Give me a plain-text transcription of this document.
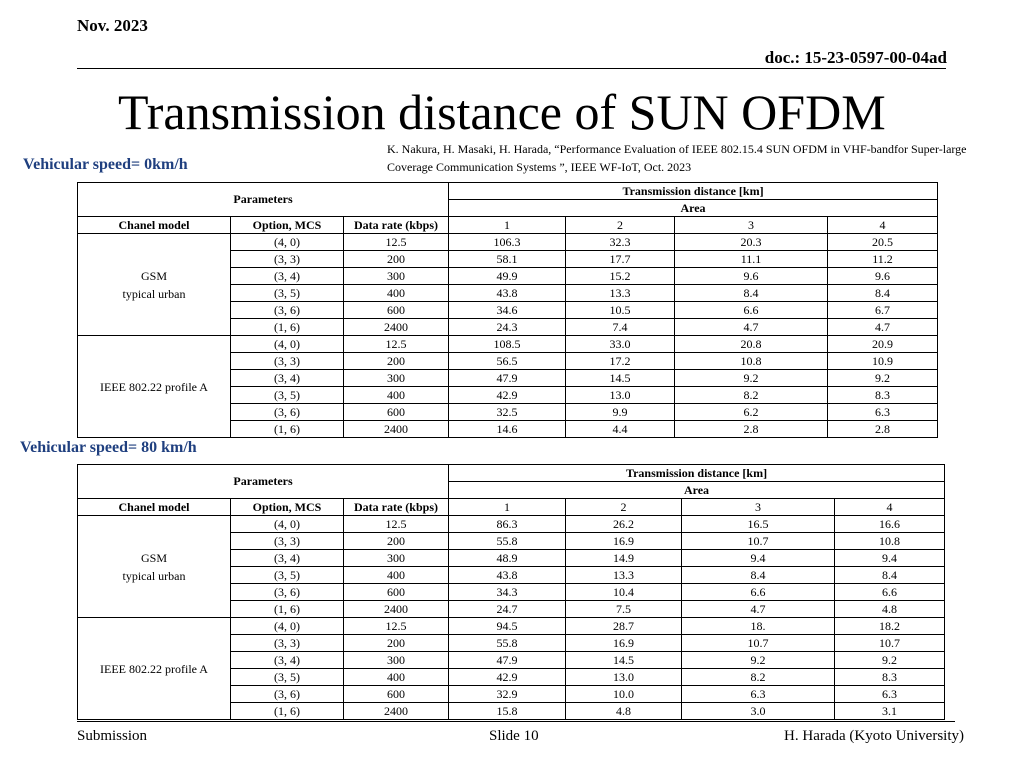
Nov. 2023
doc.: 15-23-0597-00-04ad
Transmission distance of SUN OFDM
K. Nakura, H. Masaki, H. Harada, “Performance Evaluation of IEEE 802.15.4 SUN OFDM in VHF-bandfor Super-large Coverage Communication Systems ”, IEEE WF-IoT, Oct. 2023
Vehicular speed= 0km/h
Parameters			Transmission distance [km]			
			Area			
Chanel model	Option, MCS	Data rate (kbps)	1	2	3	4
GSM
typical urban	(4, 0)	12.5	106.3	32.3	20.3	20.5
	(3, 3)	200	58.1	17.7	11.1	11.2
	(3, 4)	300	49.9	15.2	9.6	9.6
	(3, 5)	400	43.8	13.3	8.4	8.4
	(3, 6)	600	34.6	10.5	6.6	6.7
	(1, 6)	2400	24.3	7.4	4.7	4.7
IEEE 802.22 profile A	(4, 0)	12.5	108.5	33.0	20.8	20.9
	(3, 3)	200	56.5	17.2	10.8	10.9
	(3, 4)	300	47.9	14.5	9.2	9.2
	(3, 5)	400	42.9	13.0	8.2	8.3
	(3, 6)	600	32.5	9.9	6.2	6.3
	(1, 6)	2400	14.6	4.4	2.8	2.8
Vehicular speed= 80 km/h
Parameters			Transmission distance [km]			
			Area			
Chanel model	Option, MCS	Data rate (kbps)	1	2	3	4
GSM
typical urban	(4, 0)	12.5	86.3	26.2	16.5	16.6
	(3, 3)	200	55.8	16.9	10.7	10.8
	(3, 4)	300	48.9	14.9	9.4	9.4
	(3, 5)	400	43.8	13.3	8.4	8.4
	(3, 6)	600	34.3	10.4	6.6	6.6
	(1, 6)	2400	24.7	7.5	4.7	4.8
IEEE 802.22 profile A	(4, 0)	12.5	94.5	28.7	18.	18.2
	(3, 3)	200	55.8	16.9	10.7	10.7
	(3, 4)	300	47.9	14.5	9.2	9.2
	(3, 5)	400	42.9	13.0	8.2	8.3
	(3, 6)	600	32.9	10.0	6.3	6.3
	(1, 6)	2400	15.8	4.8	3.0	3.1
Submission	Slide 10	H. Harada (Kyoto University)
